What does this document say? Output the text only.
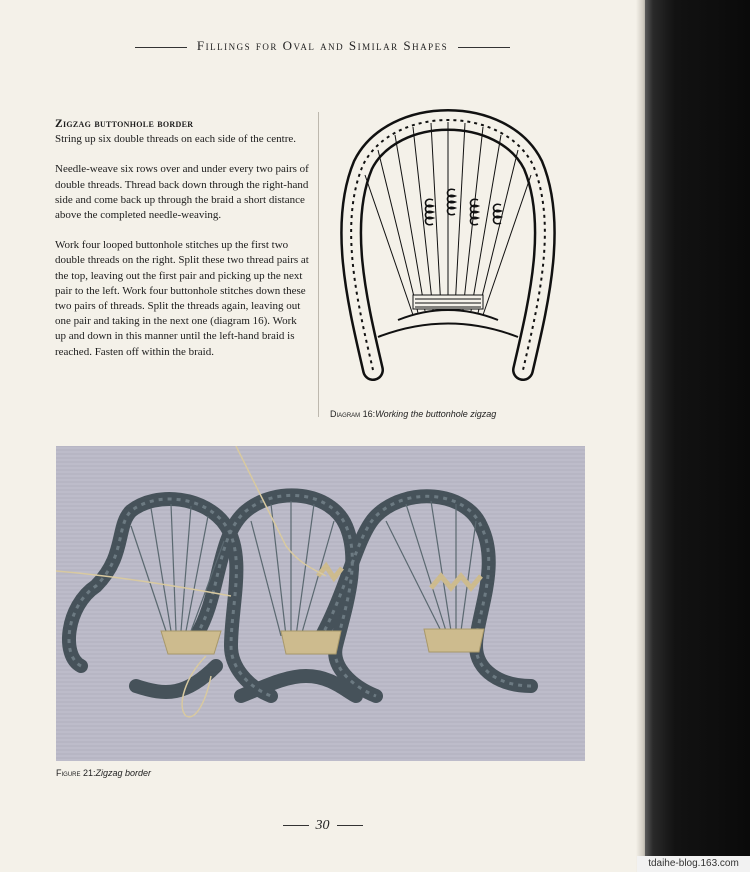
Fillings for Oval and Similar Shapes
Zigzag buttonhole border

String up six double threads on each side of the centre.

Needle-weave six rows over and under every two pairs of double threads. Thread back down through the right-hand side and come back up through the braid a short distance above the completed needle-weaving.

Work four looped buttonhole stitches up the first two double threads on the right. Split these two thread pairs at the top, leaving out the first pair and picking up the next pair to the left. Work four buttonhole stitches down these two pairs of threads. Split the threads again, leaving out one pair and taking in the next one (diagram 16). Work up and down in this manner until the left-hand braid is reached. Fasten off within the braid.

Diagram 16:Working the buttonhole zigzag
Figure 21:Zigzag border
30
tdaihe-blog.163.com
